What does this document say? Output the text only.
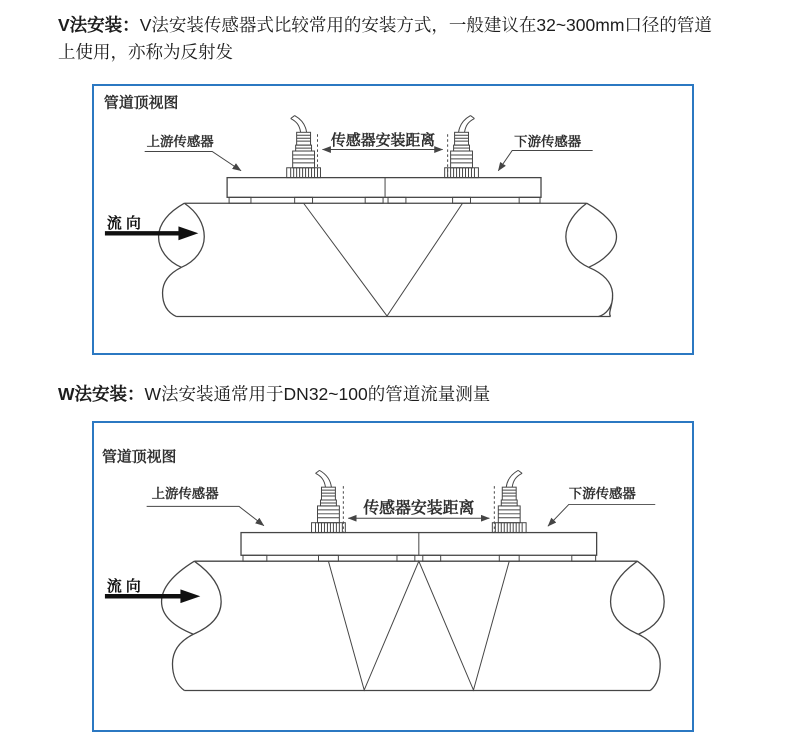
V法安装：V法安装传感器式比较常用的安装方式，一般建议在32~300mm口径的管道上使用，亦称为反射发

管道顶视图
传感器安装距离
上游传感器	下游传感器
流 向

W法安装：W法安装通常用于DN32~100的管道流量测量

管道顶视图
传感器安装距离
上游传感器	下游传感器
流 向
